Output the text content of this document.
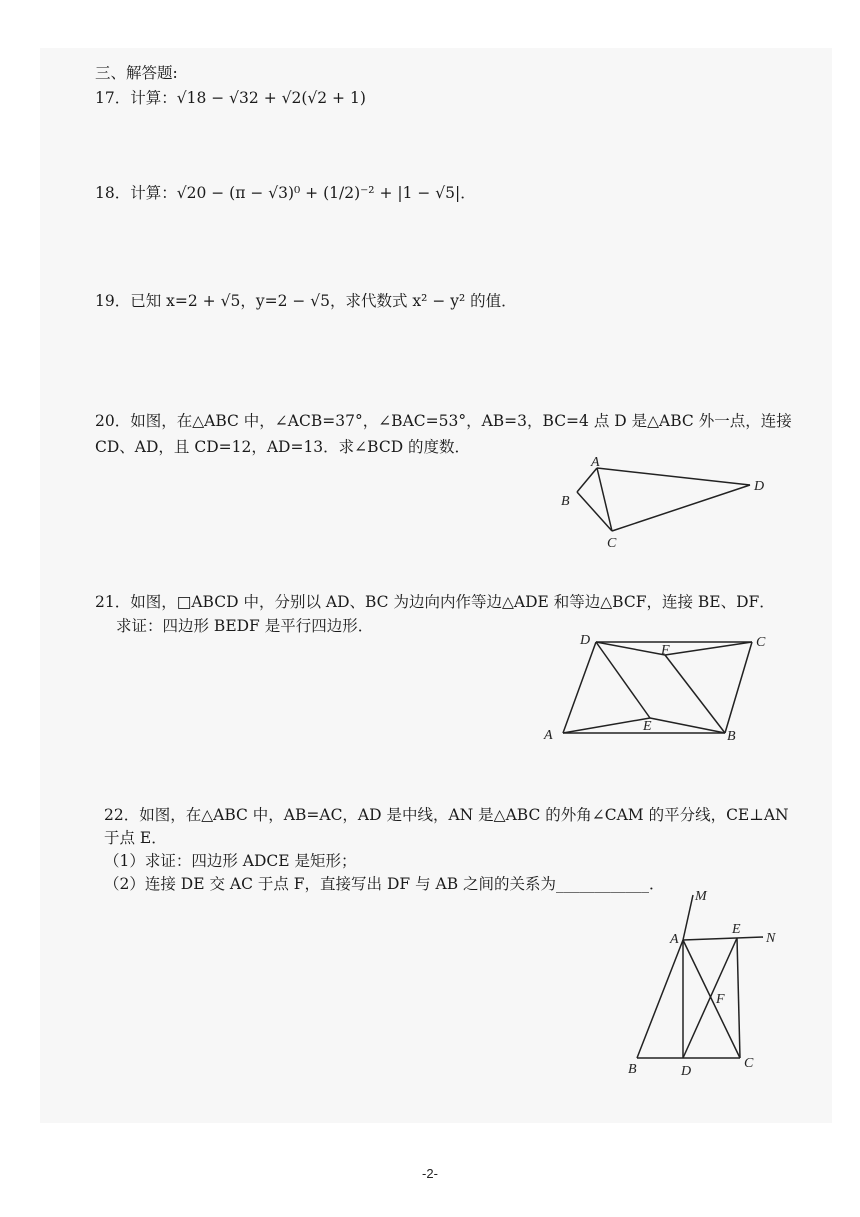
三、解答题:
17．计算：√18 − √32 + √2(√2 + 1)
18．计算：√20 − (π − √3)⁰ + (1/2)⁻² + |1 − √5|．
19．已知 x=2 + √5，y=2 − √5，求代数式 x² − y² 的值．
20．如图，在△ABC 中，∠ACB=37°，∠BAC=53°，AB=3，BC=4 点 D 是△ABC 外一点，连接
CD、AD，且 CD=12，AD=13．求∠BCD 的度数．
A
B
C
D
21．如图，□ABCD 中，分别以 AD、BC 为边向内作等边△ADE 和等边△BCF，连接 BE、DF．
求证：四边形 BEDF 是平行四边形．
D
F
C
A
E
B
22．如图，在△ABC 中，AB=AC，AD 是中线，AN 是△ABC 的外角∠CAM 的平分线，CE⊥AN
于点 E．
（1）求证：四边形 ADCE 是矩形；
（2）连接 DE 交 AC 于点 F，直接写出 DF 与 AB 之间的关系为____________．
M
E
N
A
F
B	D
C
-2-
